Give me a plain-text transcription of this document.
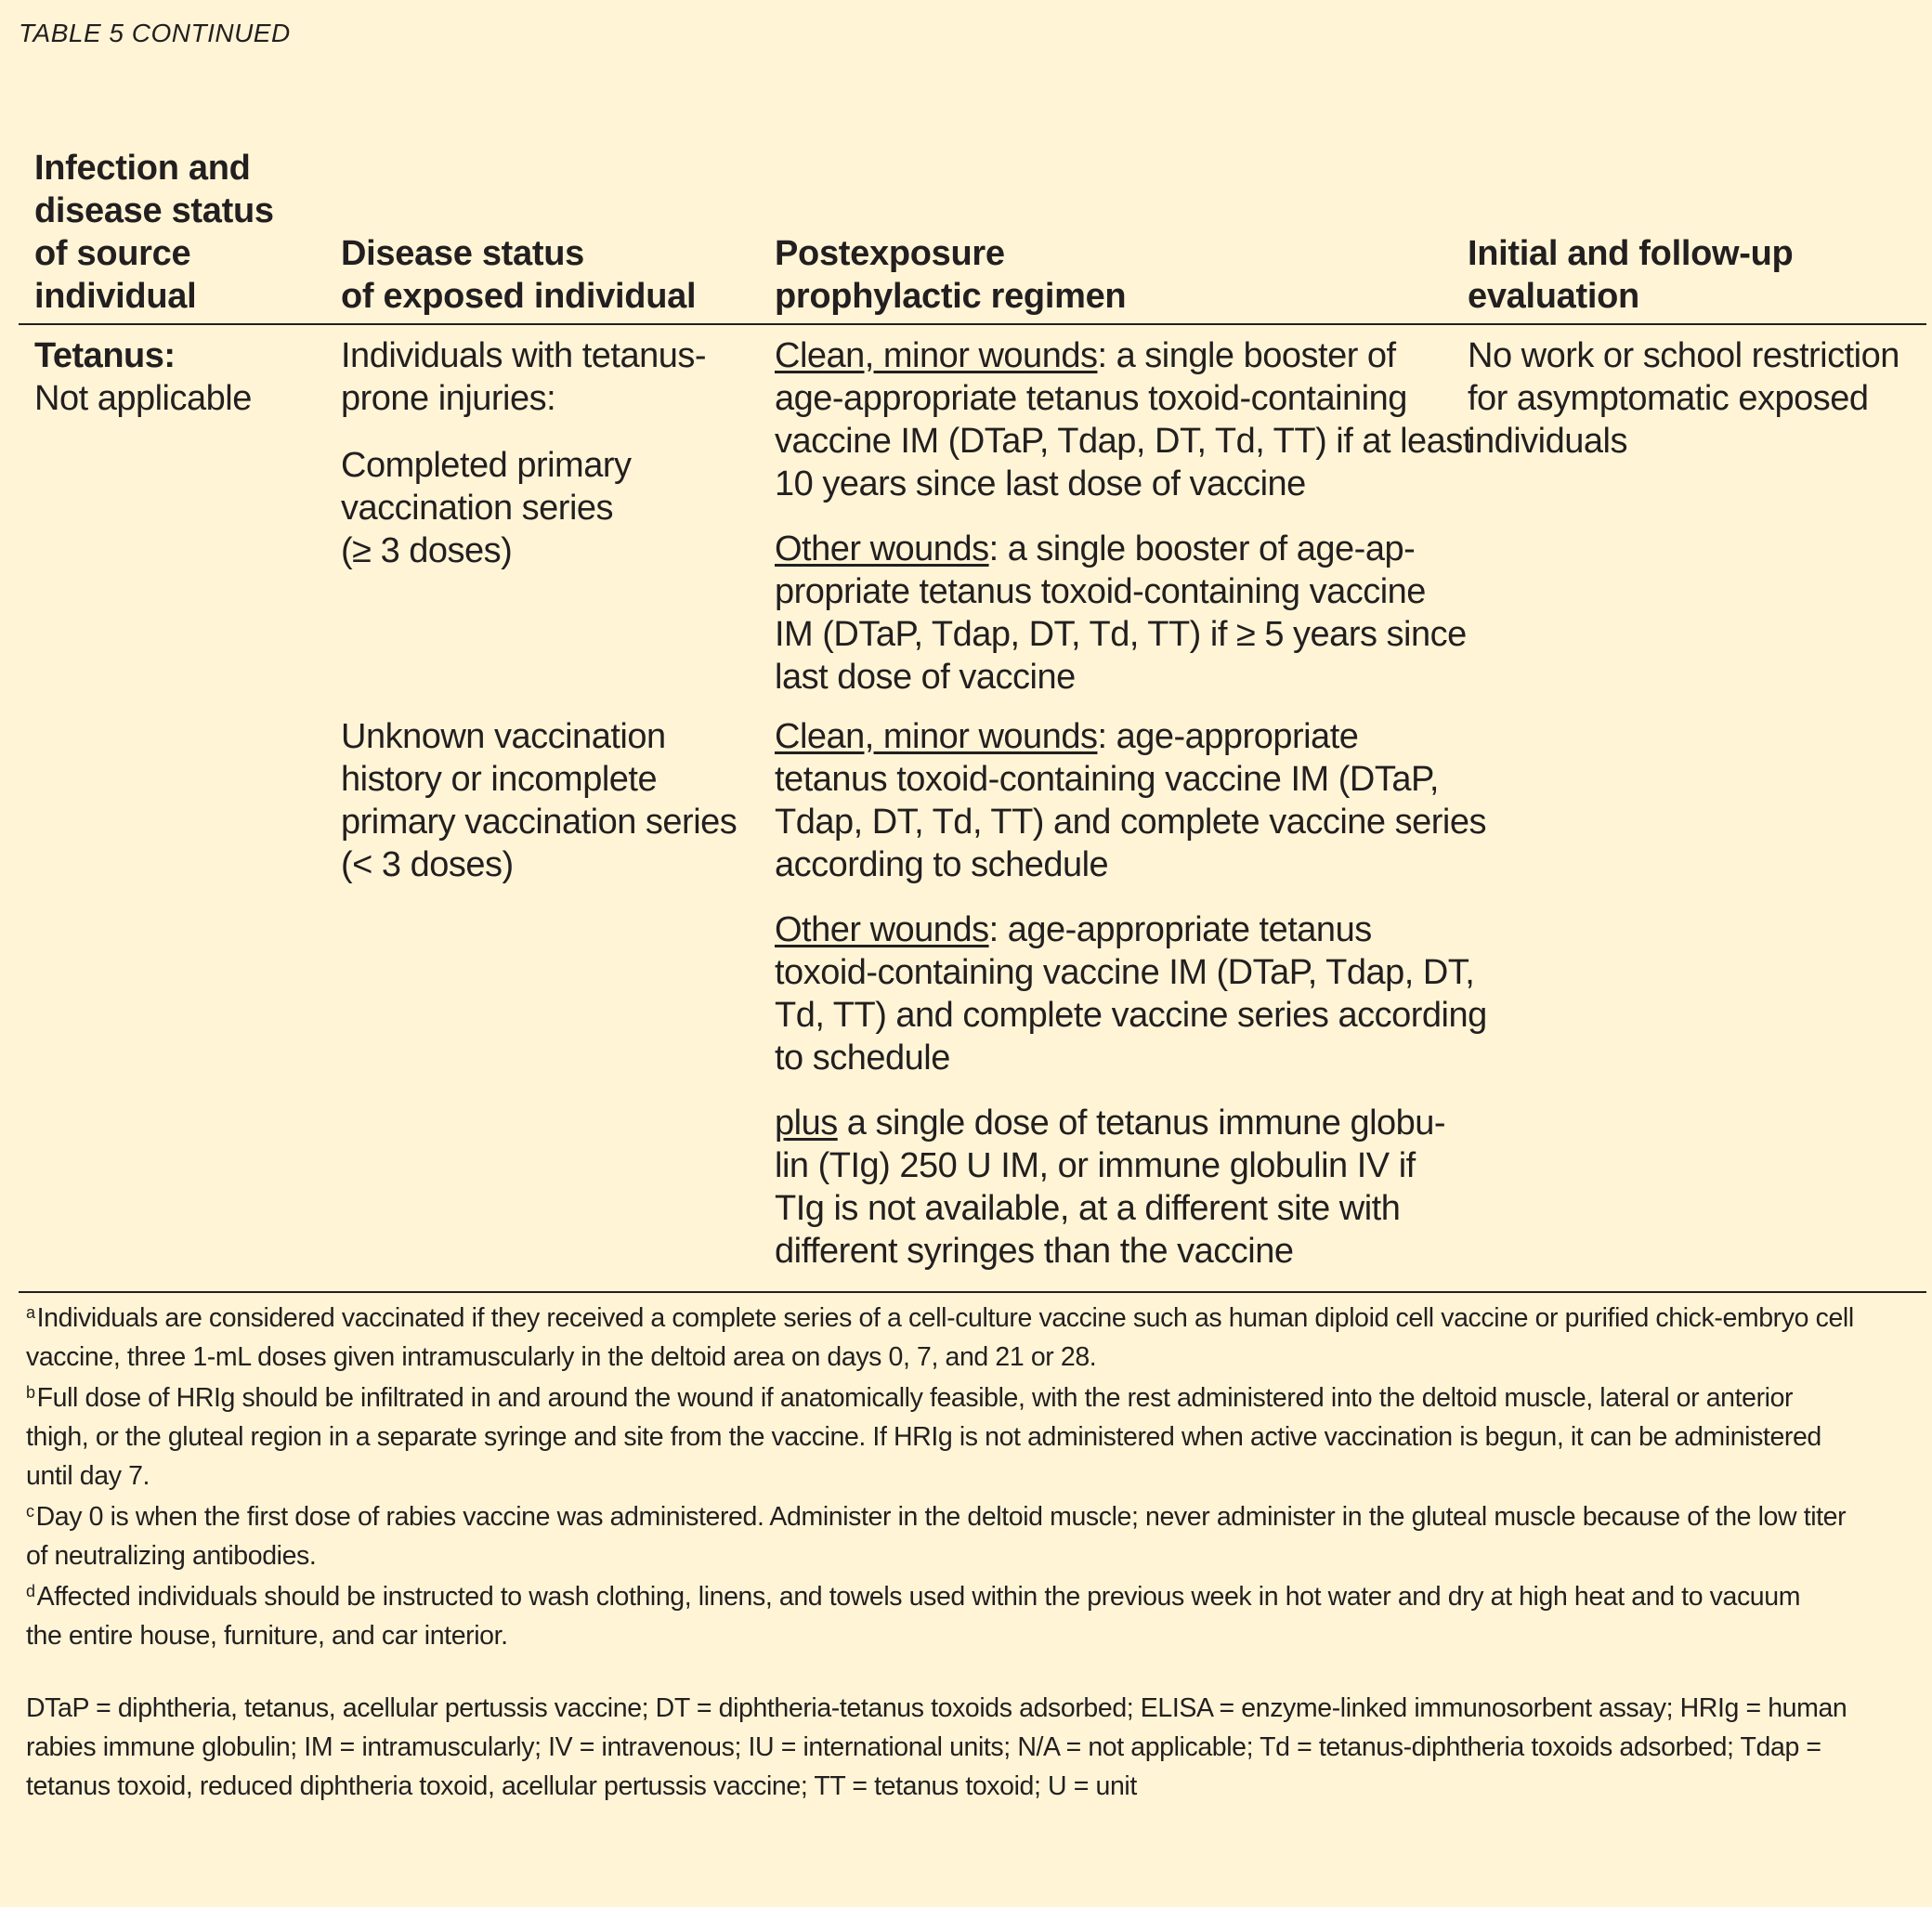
TABLE 5 CONTINUED
Infection and
disease status
of source
individual
Disease status
of exposed individual
Postexposure
prophylactic regimen
Initial and follow-up
evaluation
Tetanus:
Not applicable
Individuals with tetanus-
prone injuries:
Completed primary
vaccination series
(≥ 3 doses)
Unknown vaccination
history or incomplete
primary vaccination series
(< 3 doses)
Clean, minor wounds: a single booster of
age-appropriate tetanus toxoid-containing
vaccine IM (DTaP, Tdap, DT, Td, TT) if at least
10 years since last dose of vaccine
Other wounds: a single booster of age-ap-
propriate tetanus toxoid-containing vaccine
IM (DTaP, Tdap, DT, Td, TT) if ≥ 5 years since
last dose of vaccine
Clean, minor wounds: age-appropriate
tetanus toxoid-containing vaccine IM (DTaP,
Tdap, DT, Td, TT) and complete vaccine series
according to schedule
Other wounds: age-appropriate tetanus
toxoid-containing vaccine IM (DTaP, Tdap, DT,
Td, TT) and complete vaccine series according
to schedule
plus a single dose of tetanus immune globu-
lin (TIg) 250 U IM, or immune globulin IV if
TIg is not available, at a different site with
different syringes than the vaccine
No work or school restriction
for asymptomatic exposed
individuals
$^a$Individuals are considered vaccinated if they received a complete series of a cell-culture vaccine such as human diploid cell vaccine or purified chick-embryo cell
vaccine, three 1-mL doses given intramuscularly in the deltoid area on days 0, 7, and 21 or 28.
$^b$Full dose of HRIg should be infiltrated in and around the wound if anatomically feasible, with the rest administered into the deltoid muscle, lateral or anterior
thigh, or the gluteal region in a separate syringe and site from the vaccine. If HRIg is not administered when active vaccination is begun, it can be administered
until day 7.
$^c$Day 0 is when the first dose of rabies vaccine was administered. Administer in the deltoid muscle; never administer in the gluteal muscle because of the low titer
of neutralizing antibodies.
$^d$Affected individuals should be instructed to wash clothing, linens, and towels used within the previous week in hot water and dry at high heat and to vacuum
the entire house, furniture, and car interior.
DTaP = diphtheria, tetanus, acellular pertussis vaccine; DT = diphtheria-tetanus toxoids adsorbed; ELISA = enzyme-linked immunosorbent assay; HRIg = human
rabies immune globulin; IM = intramuscularly; IV = intravenous; IU = international units; N/A = not applicable; Td = tetanus-diphtheria toxoids adsorbed; Tdap =
tetanus toxoid, reduced diphtheria toxoid, acellular pertussis vaccine; TT = tetanus toxoid; U = unit
